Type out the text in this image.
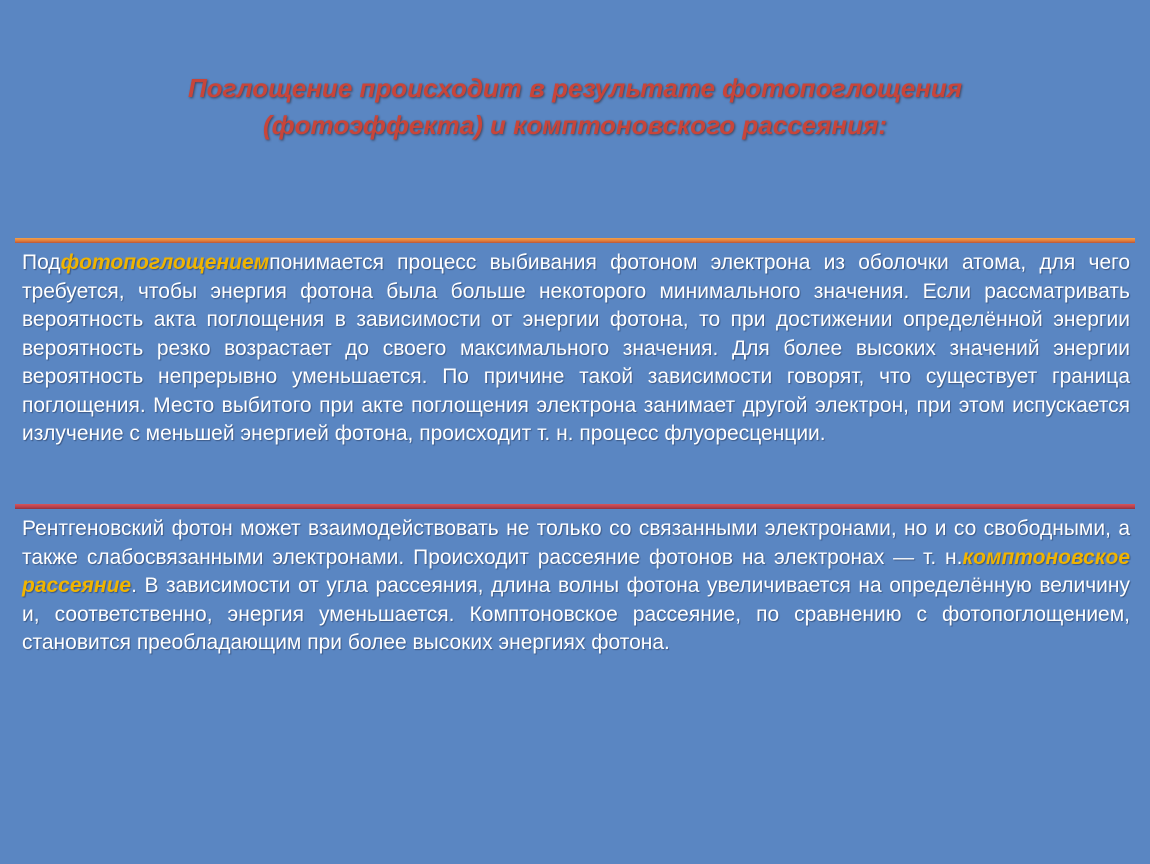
Поглощение происходит в результате фотопоглощения (фотоэффекта) и комптоновского рассеяния:

Подфотопоглощениемпонимается процесс выбивания фотоном электрона из оболочки атома, для чего требуется, чтобы энергия фотона была больше некоторого минимального значения. Если рассматривать вероятность акта поглощения в зависимости от энергии фотона, то при достижении определённой энергии вероятность резко возрастает до своего максимального значения. Для более высоких значений энергии вероятность непрерывно уменьшается. По причине такой зависимости говорят, что существует граница поглощения. Место выбитого при акте поглощения электрона занимает другой электрон, при этом испускается излучение с меньшей энергией фотона, происходит т. н. процесс флуоресценции.

Рентгеновский фотон может взаимодействовать не только со связанными электронами, но и со свободными, а также слабосвязанными электронами. Происходит рассеяние фотонов на электронах — т. н.комптоновское рассеяние. В зависимости от угла рассеяния, длина волны фотона увеличивается на определённую величину и, соответственно, энергия уменьшается. Комптоновское рассеяние, по сравнению с фотопоглощением, становится преобладающим при более высоких энергиях фотона.
